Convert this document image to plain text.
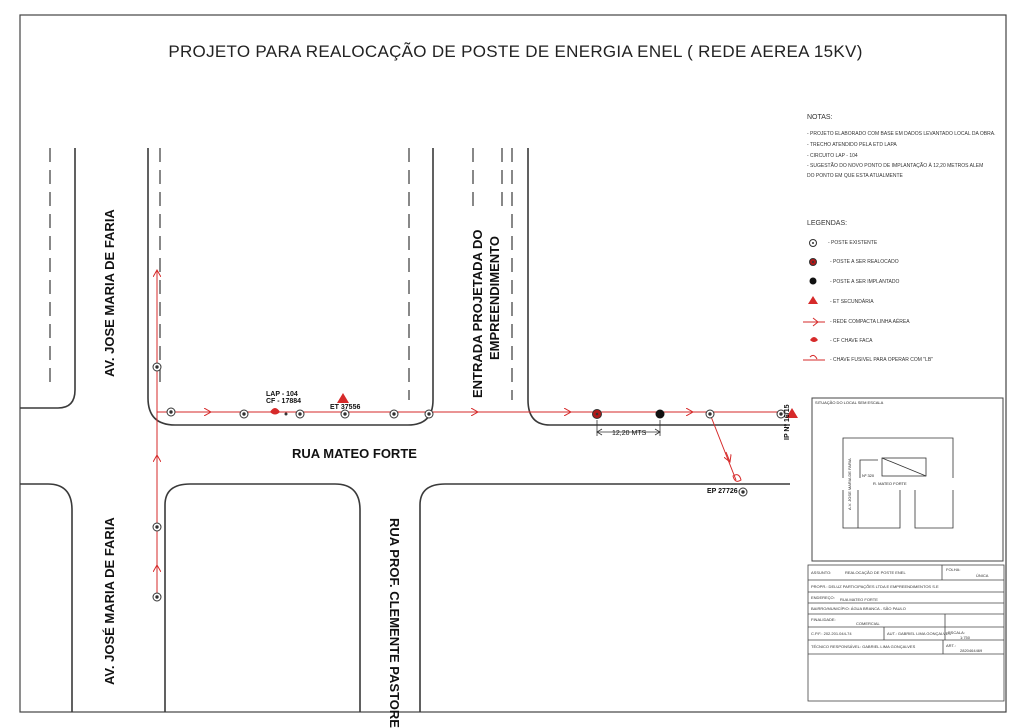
PROJETO PARA REALOCAÇÃO DE POSTE DE ENERGIA ENEL ( REDE AEREA 15KV)
AV. JOSE MARIA DE FARIA
AV. JOSÉ MARIA DE FARIA
RUA MATEO FORTE
ENTRADA PROJETADA DO EMPREENDIMENTO
RUA PROF. CLEMENTE PASTORE
LAP - 104
CF - 17884
ET 37556
EP 27726
IP Nº 16/15
12,20 MTS
NOTAS:
- PROJETO ELABORADO COM BASE EM DADOS LEVANTADO LOCAL DA OBRA.
- TRECHO ATENDIDO PELA ETD LAPA
- CIRCUITO LAP - 104
- SUGESTÃO DO NOVO PONTO DE IMPLANTAÇÃO À 12,20 METROS ALEM
DO PONTO EM QUE ESTA ATUALMENTE
LEGENDAS:
- POSTE EXISTENTE
- POSTE A SER REALOCADO
- POSTE A SER IMPLANTADO
- ET SECUNDÁRIA
- REDE COMPACTA LINHA AÉREA
- CF CHAVE FACA
- CHAVE FUSIVEL PARA OPERAR COM "LB"
SITUAÇÃO DO LOCAL SEM ESCALA
A.V. JOSE MARIA DE FARIA	R. MATEO FORTE
Nº 320
ASSUNTO:	REALOCAÇÃO DE POSTE ENEL
FOLHA:
ÚNICA
PROPR.: DELUZ PARTICIPAÇÕES LTDA E EMPREENDIMENTOS S.E
ENDEREÇO: RUA MATEO FORTE
BAIRRO/MUNICÍPIO: ÁGUA BRANCA - SÃO PAULO
FINALIDADE:
COMERCIAL
C.P.F.: 202.201.044-74	AUT.: GABRIEL LIMA GONÇALVES
ESCALA:
1:750
TÉCNICO RESPONSÁVEL: GABRIEL LIMA GONÇALVES	ART.:
2820464469
